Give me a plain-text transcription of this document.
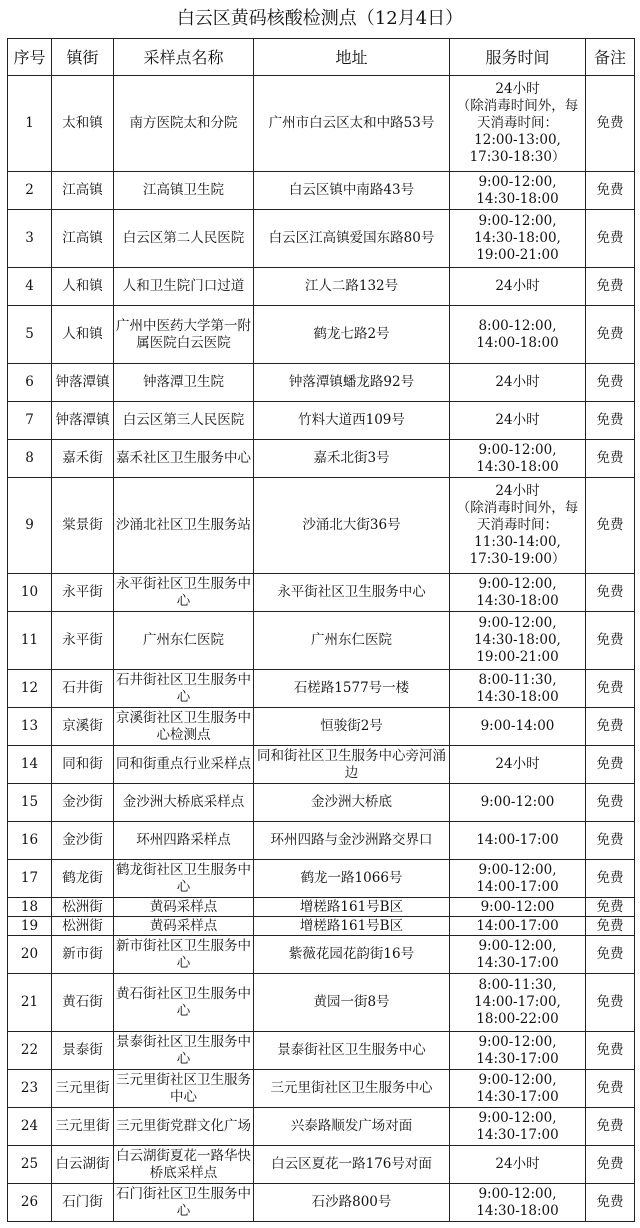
白云区黄码核酸检测点（12月4日）
序号	镇街	采样点名称	地址	服务时间	备注
1	太和镇	南方医院太和分院	广州市白云区太和中路53号	24小时
（除消毒时间外，每天消毒时间：
12:00-13:00,
17:30-18:30）	免费
2	江高镇	江高镇卫生院	白云区镇中南路43号	9:00-12:00,
14:30-18:00	免费
3	江高镇	白云区第二人民医院	白云区江高镇爱国东路80号	9:00-12:00,
14:30-18:00,
19:00-21:00	免费
4	人和镇	人和卫生院门口过道	江人二路132号	24小时	免费
5	人和镇	广州中医药大学第一附属医院白云医院	鹤龙七路2号	8:00-12:00,
14:00-18:00	免费
6	钟落潭镇	钟落潭卫生院	钟落潭镇蟠龙路92号	24小时	免费
7	钟落潭镇	白云区第三人民医院	竹料大道西109号	24小时	免费
8	嘉禾街	嘉禾社区卫生服务中心	嘉禾北街3号	9:00-12:00,
14:30-18:00	免费
9	棠景街	沙涌北社区卫生服务站	沙涌北大街36号	24小时
（除消毒时间外，每天消毒时间：
11:30-14:00,
17:30-19:00）	免费
10	永平街	永平街社区卫生服务中心	永平街社区卫生服务中心	9:00-12:00,
14:30-18:00	免费
11	永平街	广州东仁医院	广州东仁医院	9:00-12:00,
14:30-18:00,
19:00-21:00	免费
12	石井街	石井街社区卫生服务中心	石槎路1577号一楼	8:00-11:30,
14:30-18:00	免费
13	京溪街	京溪街社区卫生服务中心检测点	恒骏街2号	9:00-14:00	免费
14	同和街	同和街重点行业采样点	同和街社区卫生服务中心旁河涌边	24小时	免费
15	金沙街	金沙洲大桥底采样点	金沙洲大桥底	9:00-12:00	免费
16	金沙街	环州四路采样点	环州四路与金沙洲路交界口	14:00-17:00	免费
17	鹤龙街	鹤龙街社区卫生服务中心	鹤龙一路1066号	9:00-12:00,
14:00-17:00	免费
18	松洲街	黄码采样点	增槎路161号B区	9:00-12:00	免费
19	松洲街	黄码采样点	增槎路161号B区	14:00-17:00	免费
20	新市街	新市街社区卫生服务中心	紫薇花园花韵街16号	9:00-12:00,
14:30-17:00	免费
21	黄石街	黄石街社区卫生服务中心	黄园一街8号	8:00-11:30,
14:00-17:00,
18:00-22:00	免费
22	景泰街	景泰街社区卫生服务中心	景泰街社区卫生服务中心	9:00-12:00,
14:30-17:00	免费
23	三元里街	三元里街社区卫生服务中心	三元里街社区卫生服务中心	9:00-12:00,
14:30-17:00	免费
24	三元里街	三元里街党群文化广场	兴泰路顺发广场对面	9:00-12:00,
14:30-17:00	免费
25	白云湖街	白云湖街夏花一路华快桥底采样点	白云区夏花一路176号对面	24小时	免费
26	石门街	石门街社区卫生服务中心	石沙路800号	9:00-12:00,
14:30-18:00	免费
